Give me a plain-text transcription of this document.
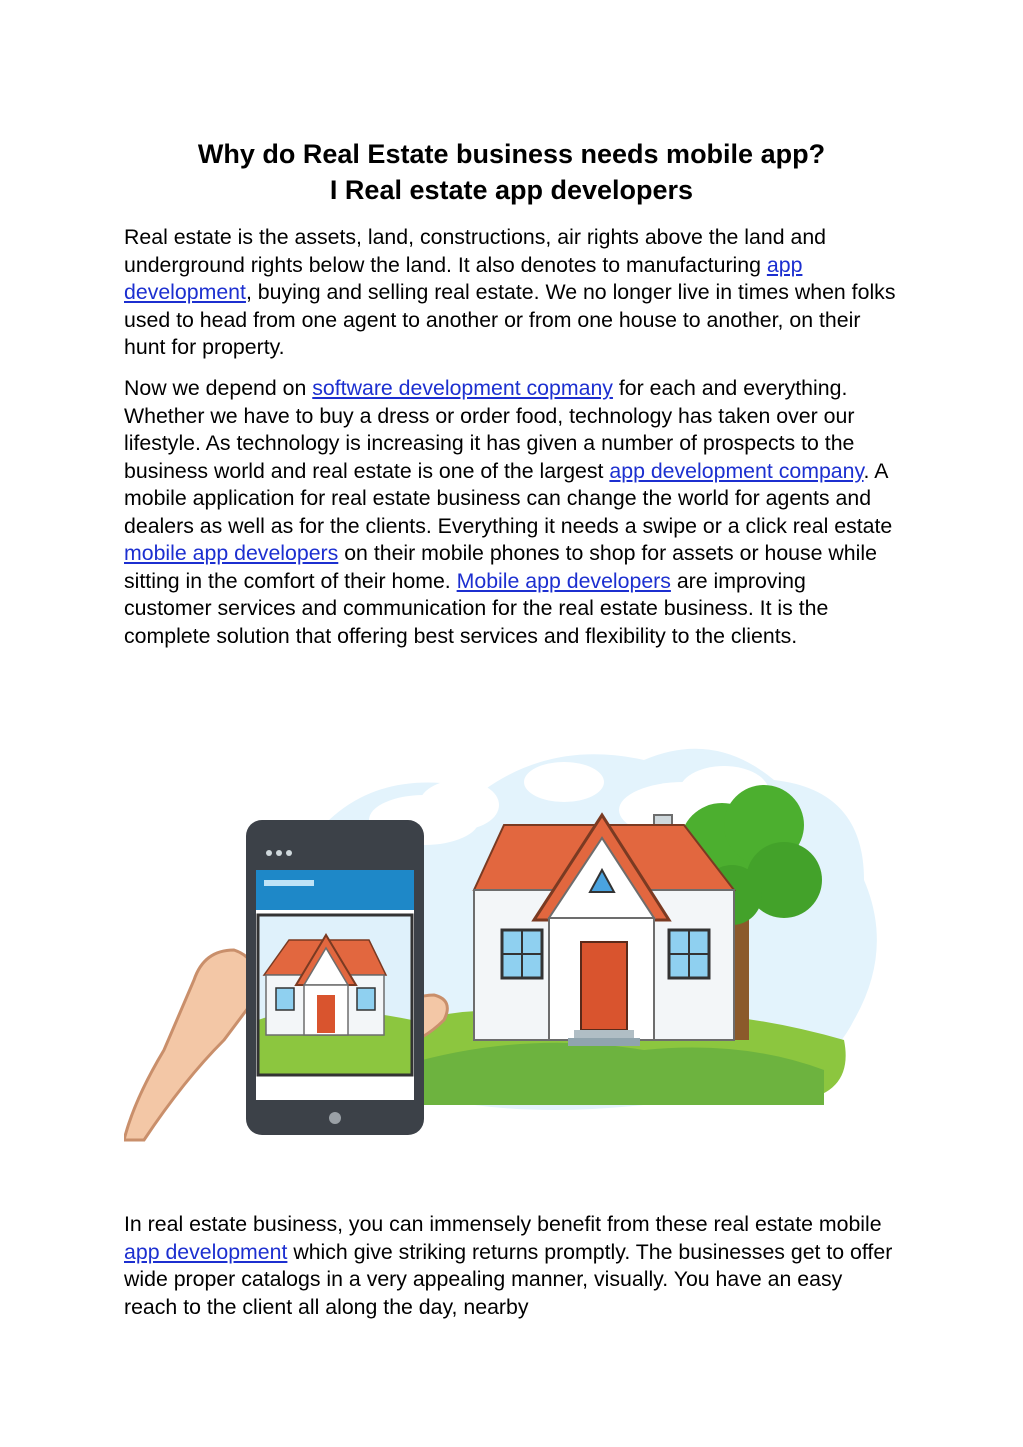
Why do Real Estate business needs mobile app?
I Real estate app developers

Real estate is the assets, land, constructions, air rights above the land and underground rights below the land. It also denotes to manufacturing app development, buying and selling real estate. We no longer live in times when folks used to head from one agent to another or from one house to another, on their hunt for property.

Now we depend on software development copmany for each and everything. Whether we have to buy a dress or order food, technology has taken over our lifestyle. As technology is increasing it has given a number of prospects to the business world and real estate is one of the largest app development company. A mobile application for real estate business can change the world for agents and dealers as well as for the clients. Everything it needs a swipe or a click real estate mobile app developers on their mobile phones to shop for assets or house while sitting in the comfort of their home. Mobile app developers are improving customer services and communication for the real estate business. It is the complete solution that offering best services and flexibility to the clients.

In real estate business, you can immensely benefit from these real estate mobile app development which give striking returns promptly. The businesses get to offer wide proper catalogs in a very appealing manner, visually. You have an easy reach to the client all along the day, nearby
